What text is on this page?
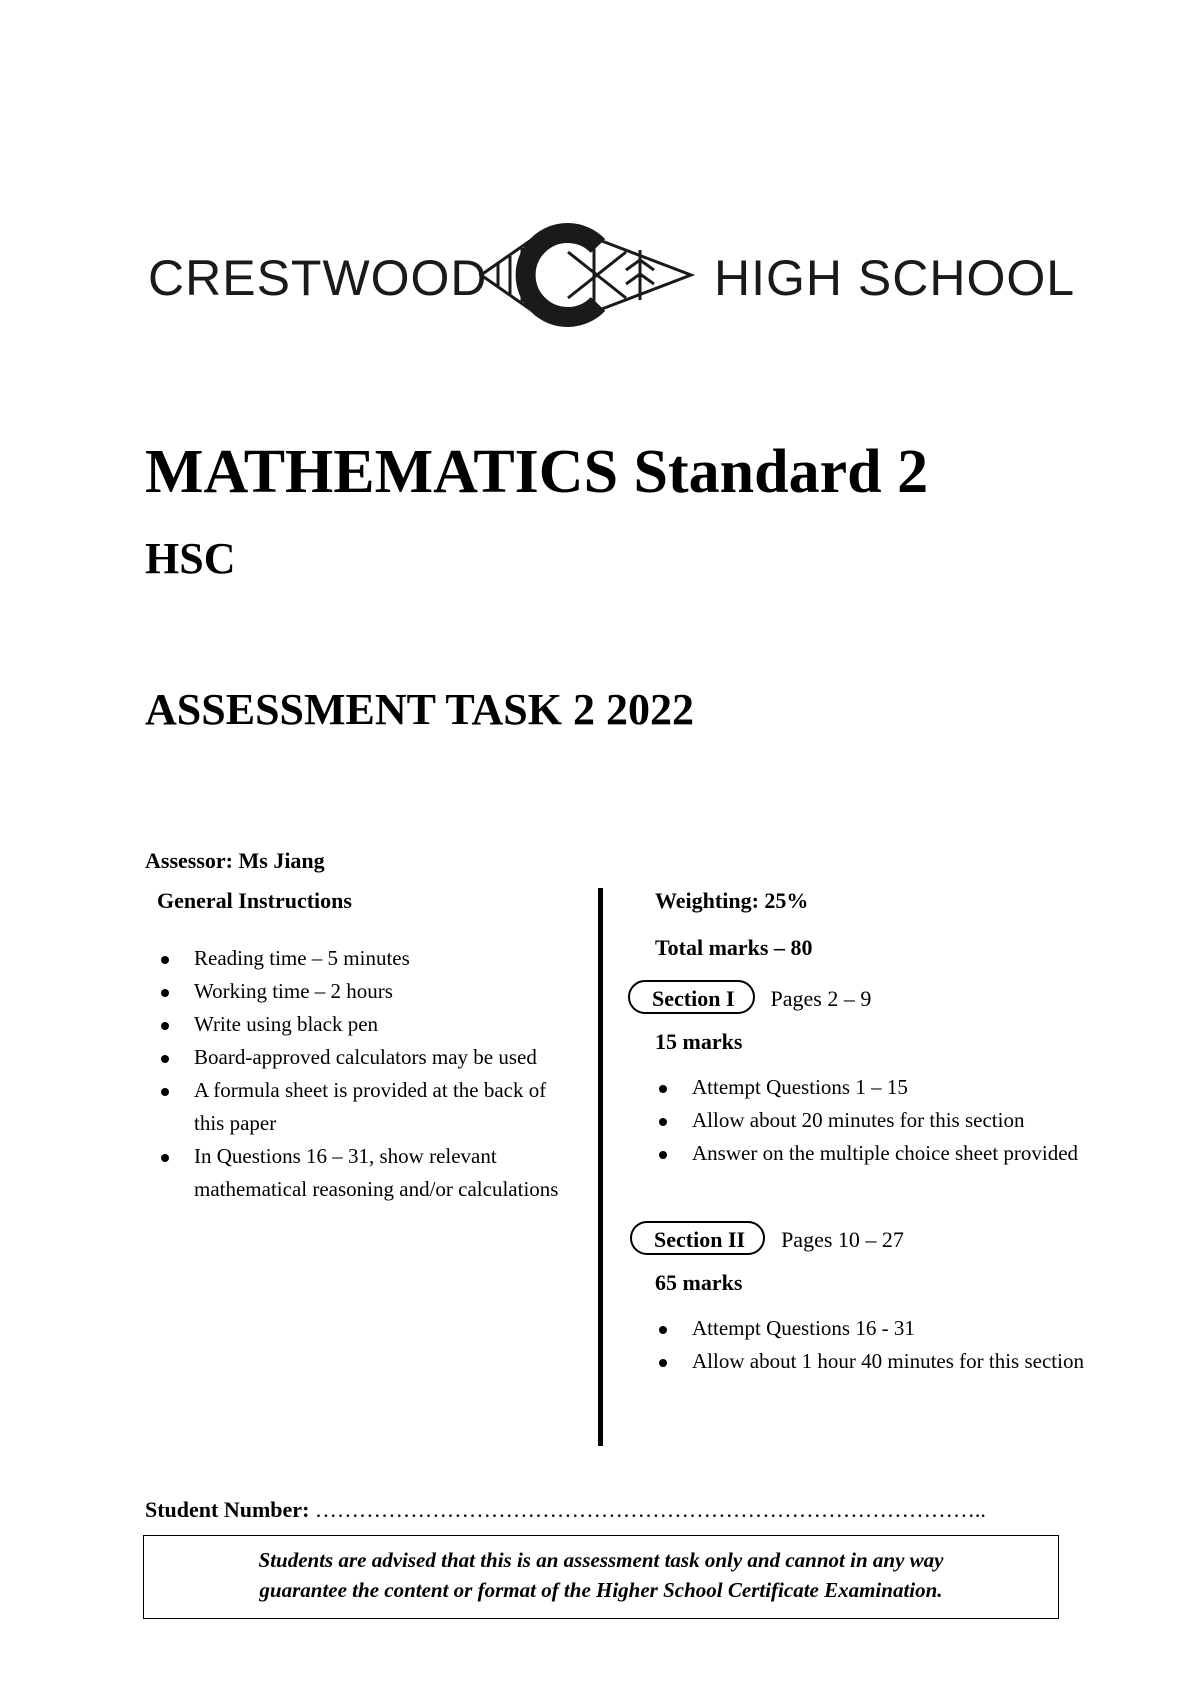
CRESTWOOD	HIGH SCHOOL
MATHEMATICS Standard 2
HSC
ASSESSMENT TASK 2 2022
Assessor: Ms Jiang
General Instructions
Reading time – 5 minutes
Working time – 2 hours
Write using black pen
Board-approved calculators may be used
A formula sheet is provided at the back of this paper
In Questions 16 – 31, show relevant mathematical reasoning and/or calculations
Weighting: 25%
Total marks – 80
Section I Pages 2 – 9
15 marks
Attempt Questions 1 – 15
Allow about 20 minutes for this section
Answer on the multiple choice sheet provided
Section II Pages 10 – 27
65 marks
Attempt Questions 16 - 31
Allow about 1 hour 40 minutes for this section
Student Number: ………………………………………………………………………………..
Students are advised that this is an assessment task only and cannot in any way
guarantee the content or format of the Higher School Certificate Examination.
